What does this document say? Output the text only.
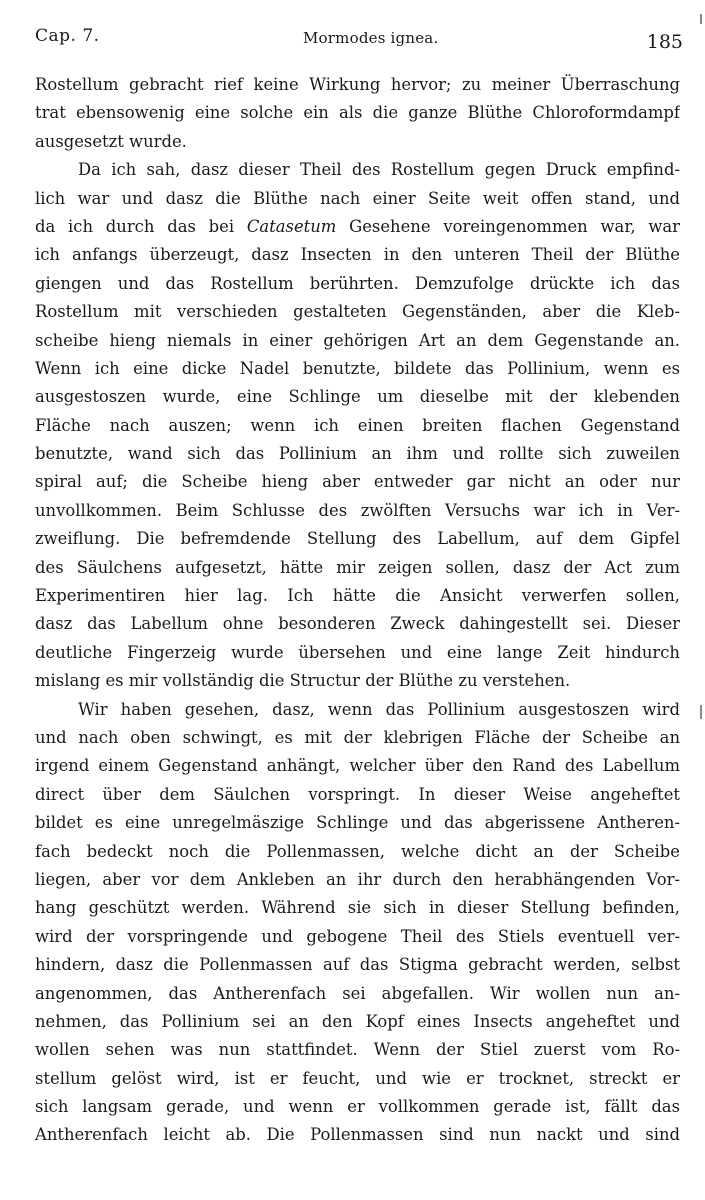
Cap. 7.	Mormodes ignea.	185
Rostellum gebracht rief keine Wirkung hervor; zu meiner Überraschung
trat ebensowenig eine solche ein als die ganze Blüthe Chloroformdampf
ausgesetzt wurde.
Da ich sah, dasz dieser Theil des Rostellum gegen Druck empfind-
lich war und dasz die Blüthe nach einer Seite weit offen stand, und
da ich durch das bei Catasetum Gesehene voreingenommen war, war
ich anfangs überzeugt, dasz Insecten in den unteren Theil der Blüthe
giengen und das Rostellum berührten. Demzufolge drückte ich das
Rostellum mit verschieden gestalteten Gegenständen, aber die Kleb-
scheibe hieng niemals in einer gehörigen Art an dem Gegenstande an.
Wenn ich eine dicke Nadel benutzte, bildete das Pollinium, wenn es
ausgestoszen wurde, eine Schlinge um dieselbe mit der klebenden
Fläche nach auszen; wenn ich einen breiten flachen Gegenstand
benutzte, wand sich das Pollinium an ihm und rollte sich zuweilen
spiral auf; die Scheibe hieng aber entweder gar nicht an oder nur
unvollkommen. Beim Schlusse des zwölften Versuchs war ich in Ver-
zweiflung. Die befremdende Stellung des Labellum, auf dem Gipfel
des Säulchens aufgesetzt, hätte mir zeigen sollen, dasz der Act zum
Experimentiren hier lag. Ich hätte die Ansicht verwerfen sollen,
dasz das Labellum ohne besonderen Zweck dahingestellt sei. Dieser
deutliche Fingerzeig wurde übersehen und eine lange Zeit hindurch
mislang es mir vollständig die Structur der Blüthe zu verstehen.
Wir haben gesehen, dasz, wenn das Pollinium ausgestoszen wird
und nach oben schwingt, es mit der klebrigen Fläche der Scheibe an
irgend einem Gegenstand anhängt, welcher über den Rand des Labellum
direct über dem Säulchen vorspringt. In dieser Weise angeheftet
bildet es eine unregelmäszige Schlinge und das abgerissene Antheren-
fach bedeckt noch die Pollenmassen, welche dicht an der Scheibe
liegen, aber vor dem Ankleben an ihr durch den herabhängenden Vor-
hang geschützt werden. Während sie sich in dieser Stellung befinden,
wird der vorspringende und gebogene Theil des Stiels eventuell ver-
hindern, dasz die Pollenmassen auf das Stigma gebracht werden, selbst
angenommen, das Antherenfach sei abgefallen. Wir wollen nun an-
nehmen, das Pollinium sei an den Kopf eines Insects angeheftet und
wollen sehen was nun stattfindet. Wenn der Stiel zuerst vom Ro-
stellum gelöst wird, ist er feucht, und wie er trocknet, streckt er
sich langsam gerade, und wenn er vollkommen gerade ist, fällt das
Antherenfach leicht ab. Die Pollenmassen sind nun nackt und sind
